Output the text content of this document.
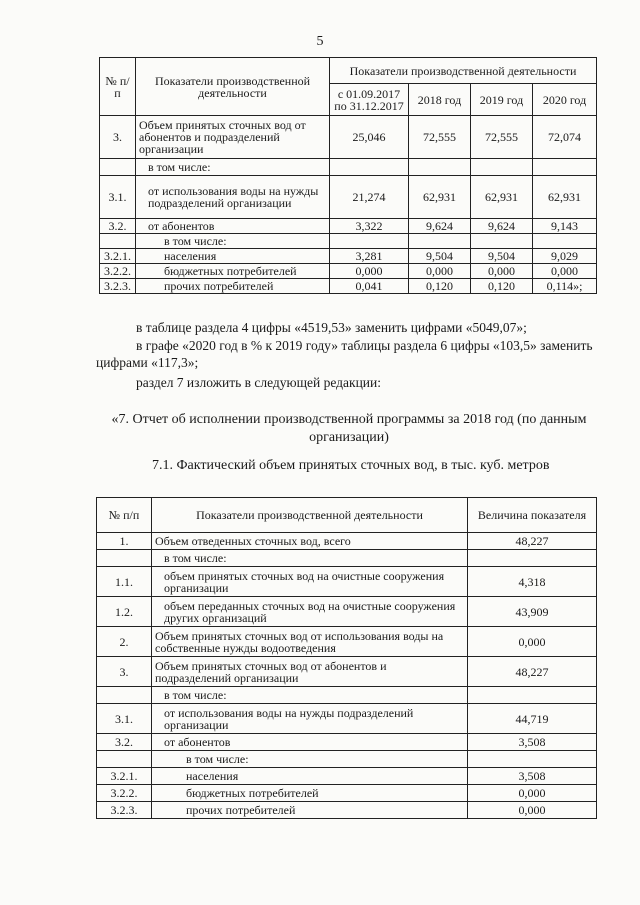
5
№ п/п	Показатели производственной деятельности	Показатели производственной деятельности			
		с 01.09.2017 по 31.12.2017	2018 год	2019 год	2020 год
3.	Объем принятых сточных вод от абонентов и подразделений организации	25,046	72,555	72,555	72,074
	в том числе:				
3.1.	от использования воды на нужды подразделений организации	21,274	62,931	62,931	62,931
3.2.	от абонентов	3,322	9,624	9,624	9,143
	в том числе:				
3.2.1.	населения	3,281	9,504	9,504	9,029
3.2.2.	бюджетных потребителей	0,000	0,000	0,000	0,000
3.2.3.	прочих потребителей	0,041	0,120	0,120	0,114»;
в таблице раздела 4 цифры «4519,53» заменить цифрами «5049,07»;
в графе «2020 год в % к 2019 году» таблицы раздела 6 цифры «103,5» заменить цифрами «117,3»;
раздел 7 изложить в следующей редакции:
«7. Отчет об исполнении производственной программы за 2018 год (по данным организации)
7.1. Фактический объем принятых сточных вод, в тыс. куб. метров
№ п/п	Показатели производственной деятельности	Величина показателя
1.	Объем отведенных сточных вод, всего	48,227
	в том числе:	
1.1.	объем принятых сточных вод на очистные сооружения организации	4,318
1.2.	объем переданных сточных вод на очистные сооружения других организаций	43,909
2.	Объем принятых сточных вод от использования воды на собственные нужды водоотведения	0,000
3.	Объем принятых сточных вод от абонентов и подразделений организации	48,227
	в том числе:	
3.1.	от использования воды на нужды подразделений организации	44,719
3.2.	от абонентов	3,508
	в том числе:	
3.2.1.	населения	3,508
3.2.2.	бюджетных потребителей	0,000
3.2.3.	прочих потребителей	0,000
